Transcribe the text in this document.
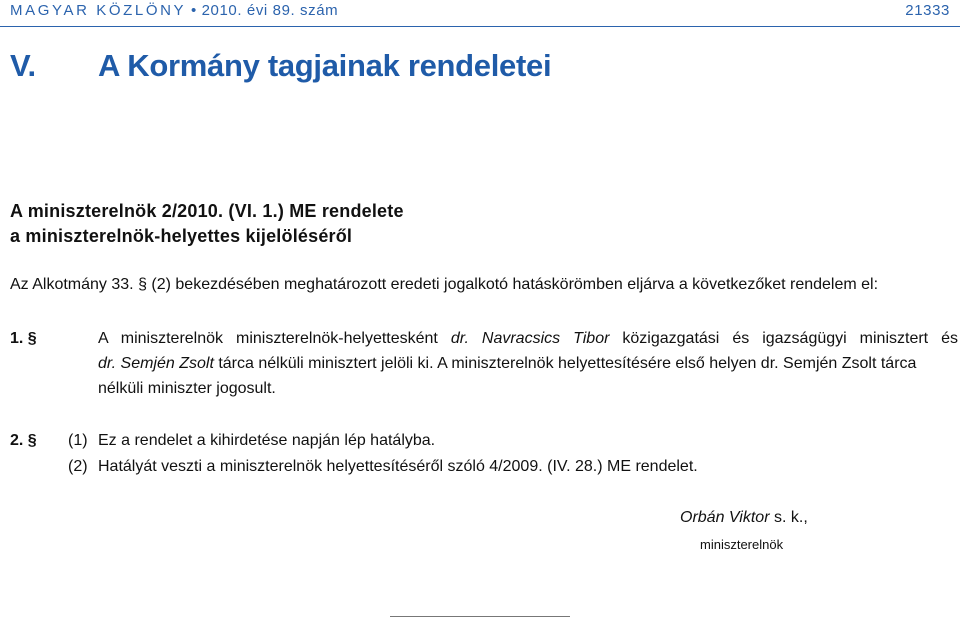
MAGYAR KÖZLÖNY • 2010. évi 89. szám	21333
V. A Kormány tagjainak rendeletei
A miniszterelnök 2/2010. (VI. 1.) ME rendelete
a miniszterelnök-helyettes kijelöléséről
Az Alkotmány 33. § (2) bekezdésében meghatározott eredeti jogalkotó hatáskörömben eljárva a következőket rendelem el:
1. §	A miniszterelnök miniszterelnök-helyettesként dr. Navracsics Tibor közigazgatási és igazságügyi minisztert és
dr. Semjén Zsolt tárca nélküli minisztert jelöli ki. A miniszterelnök helyettesítésére első helyen dr. Semjén Zsolt tárca
nélküli miniszter jogosult.
2. § (1) Ez a rendelet a kihirdetése napján lép hatályba.
(2) Hatályát veszti a miniszterelnök helyettesítéséről szóló 4/2009. (IV. 28.) ME rendelet.
Orbán Viktor s. k.,
miniszterelnök
